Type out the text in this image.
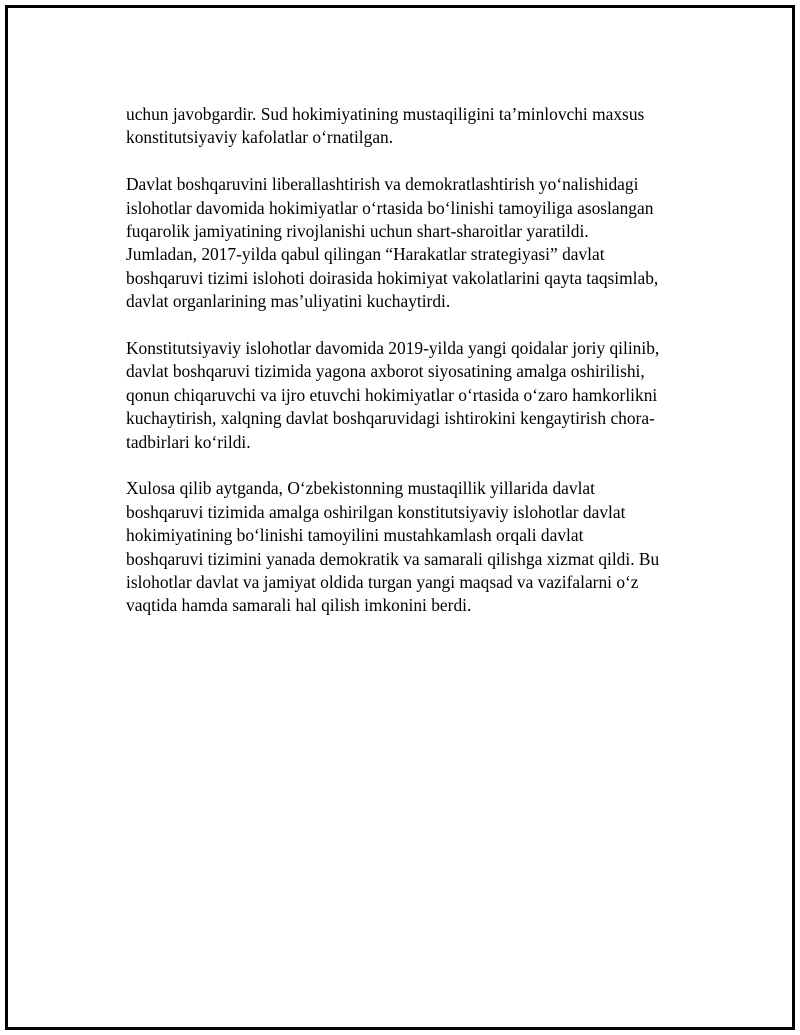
uchun javobgardir. Sud hokimiyatining mustaqiligini taʼminlovchi maxsus
konstitutsiyaviy kafolatlar oʻrnatilgan.

Davlat boshqaruvini liberallashtirish va demokratlashtirish yoʻnalishidagi
islohotlar davomida hokimiyatlar oʻrtasida boʻlinishi tamoyiliga asoslangan
fuqarolik jamiyatining rivojlanishi uchun shart-sharoitlar yaratildi.
Jumladan, 2017-yilda qabul qilingan “Harakatlar strategiyasi” davlat
boshqaruvi tizimi islohoti doirasida hokimiyat vakolatlarini qayta taqsimlab,
davlat organlarining masʼuliyatini kuchaytirdi.

Konstitutsiyaviy islohotlar davomida 2019-yilda yangi qoidalar joriy qilinib,
davlat boshqaruvi tizimida yagona axborot siyosatining amalga oshirilishi,
qonun chiqaruvchi va ijro etuvchi hokimiyatlar oʻrtasida oʻzaro hamkorlikni
kuchaytirish, xalqning davlat boshqaruvidagi ishtirokini kengaytirish chora-
tadbirlari koʻrildi.

Xulosa qilib aytganda, Oʻzbekistonning mustaqillik yillarida davlat
boshqaruvi tizimida amalga oshirilgan konstitutsiyaviy islohotlar davlat
hokimiyatining boʻlinishi tamoyilini mustahkamlash orqali davlat
boshqaruvi tizimini yanada demokratik va samarali qilishga xizmat qildi. Bu
islohotlar davlat va jamiyat oldida turgan yangi maqsad va vazifalarni oʻz
vaqtida hamda samarali hal qilish imkonini berdi.
